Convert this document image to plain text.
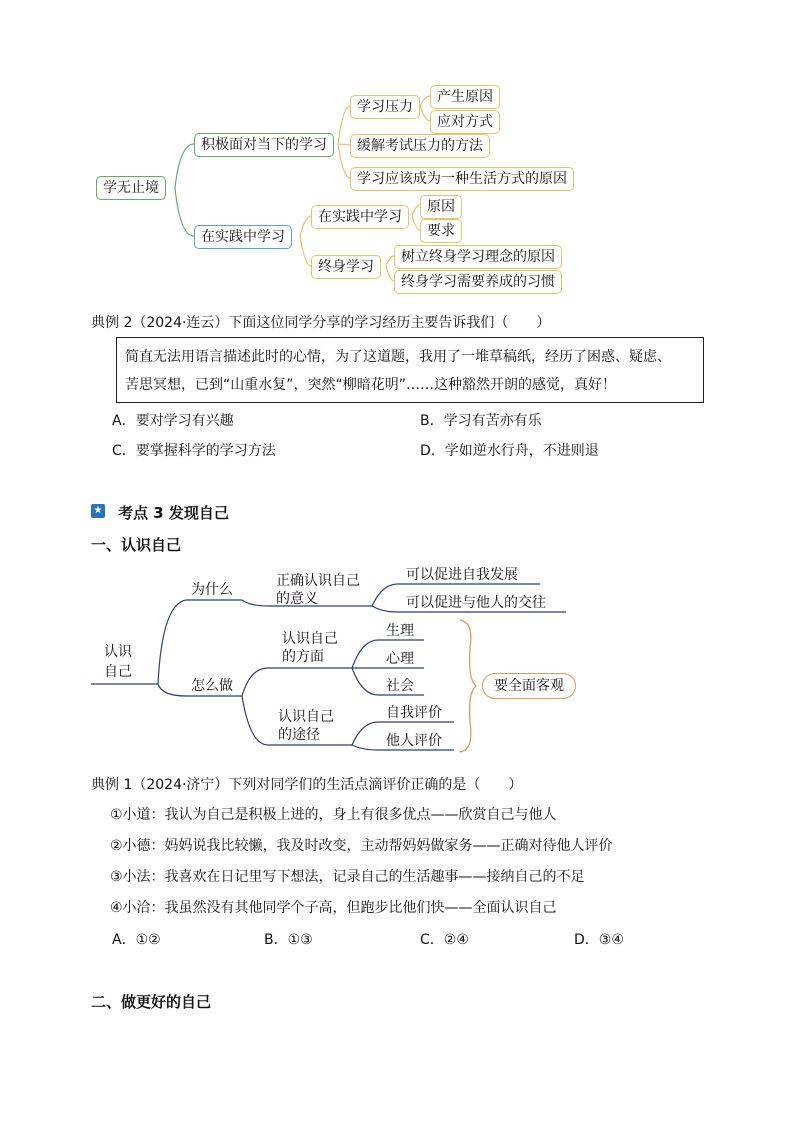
学无止境
积极面对当下的学习
在实践中学习
学习压力
产生原因
应对方式
缓解考试压力的方法
学习应该成为一种生活方式的原因
在实践中学习
原因
要求
终身学习
树立终身学习理念的原因
终身学习需要养成的习惯
典例 2（2024·连云）下面这位同学分享的学习经历主要告诉我们（　　）
简直无法用语言描述此时的心情，为了这道题，我用了一堆草稿纸，经历了困惑、疑虑、
苦思冥想，已到“山重水复”，突然“柳暗花明”……这种豁然开朗的感觉，真好！
A．要对学习有兴趣	B．学习有苦亦有乐
C．要掌握科学的学习方法	D．学如逆水行舟，不进则退
★ 考点 3 发现自己
一、认识自己
认识
自己
为什么
怎么做
正确认识自己
的意义
可以促进自我发展
可以促进与他人的交往
认识自己
的方面
生理
心理
社会
认识自己
的途径
自我评价
他人评价
要全面客观
典例 1（2024·济宁）下列对同学们的生活点滴评价正确的是（　　）
①小道：我认为自己是积极上进的，身上有很多优点——欣赏自己与他人
②小德：妈妈说我比较懒，我及时改变，主动帮妈妈做家务——正确对待他人评价
③小法：我喜欢在日记里写下想法，记录自己的生活趣事——接纳自己的不足
④小洽：我虽然没有其他同学个子高，但跑步比他们快——全面认识自己
A．①②	B．①③	C．②④	D．③④
二、做更好的自己
